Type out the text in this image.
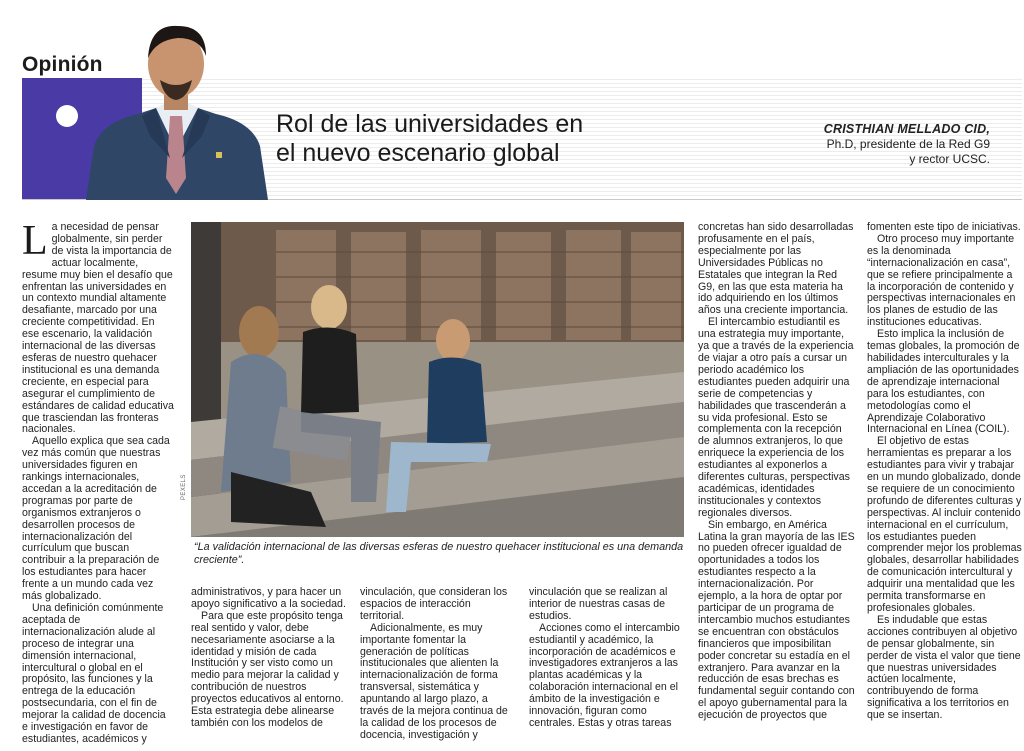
Opinión
Rol de las universidades en
el nuevo escenario global
CRISTHIAN MELLADO CID,
Ph.D, presidente de la Red G9
y rector UCSC.

La necesidad de pensar globalmente, sin perder de vista la importancia de actuar localmente, resume muy bien el desafío que enfrentan las universidades en un contexto mundial altamente desafiante, marcado por una creciente competitividad. En ese escenario, la validación internacional de las diversas esferas de nuestro quehacer institucional es una demanda creciente, en especial para asegurar el cumplimiento de estándares de calidad educativa que trasciendan las fronteras nacionales.

Aquello explica que sea cada vez más común que nuestras universidades figuren en rankings internacionales, accedan a la acreditación de programas por parte de organismos extranjeros o desarrollen procesos de internacionalización del currículum que buscan contribuir a la preparación de los estudiantes para hacer frente a un mundo cada vez más globalizado.

Una definición comúnmente aceptada de internacionalización alude al proceso de integrar una dimensión internacional, intercultural o global en el propósito, las funciones y la entrega de la educación postsecundaria, con el fin de mejorar la calidad de docencia e investigación en favor de estudiantes, académicos y

PEXELS
“La validación internacional de las diversas esferas de nuestro quehacer institucional es una demanda creciente”.

administrativos, y para hacer un apoyo significativo a la sociedad.

Para que este propósito tenga real sentido y valor, debe necesariamente asociarse a la identidad y misión de cada Institución y ser visto como un medio para mejorar la calidad y contribución de nuestros proyectos educativos al entorno. Esta estrategia debe alinearse también con los modelos de

vinculación, que consideran los espacios de interacción territorial.

Adicionalmente, es muy importante fomentar la generación de políticas institucionales que alienten la internacionalización de forma transversal, sistemática y apuntando al largo plazo, a través de la mejora continua de la calidad de los procesos de docencia, investigación y

vinculación que se realizan al interior de nuestras casas de estudios.

Acciones como el intercambio estudiantil y académico, la incorporación de académicos e investigadores extranjeros a las plantas académicas y la colaboración internacional en el ámbito de la investigación e innovación, figuran como centrales. Estas y otras tareas

concretas han sido desarrolladas profusamente en el país, especialmente por las Universidades Públicas no Estatales que integran la Red G9, en las que esta materia ha ido adquiriendo en los últimos años una creciente importancia.

El intercambio estudiantil es una estrategia muy importante, ya que a través de la experiencia de viajar a otro país a cursar un periodo académico los estudiantes pueden adquirir una serie de competencias y habilidades que trascenderán a su vida profesional. Esto se complementa con la recepción de alumnos extranjeros, lo que enriquece la experiencia de los estudiantes al exponerlos a diferentes culturas, perspectivas académicas, identidades institucionales y contextos regionales diversos.

Sin embargo, en América Latina la gran mayoría de las IES no pueden ofrecer igualdad de oportunidades a todos los estudiantes respecto a la internacionalización. Por ejemplo, a la hora de optar por participar de un programa de intercambio muchos estudiantes se encuentran con obstáculos financieros que imposibilitan poder concretar su estadía en el extranjero. Para avanzar en la reducción de esas brechas es fundamental seguir contando con el apoyo gubernamental para la ejecución de proyectos que

fomenten este tipo de iniciativas.

Otro proceso muy importante es la denominada “internacionalización en casa”, que se refiere principalmente a la incorporación de contenido y perspectivas internacionales en los planes de estudio de las instituciones educativas.

Esto implica la inclusión de temas globales, la promoción de habilidades interculturales y la ampliación de las oportunidades de aprendizaje internacional para los estudiantes, con metodologías como el Aprendizaje Colaborativo Internacional en Línea (COIL).

El objetivo de estas herramientas es preparar a los estudiantes para vivir y trabajar en un mundo globalizado, donde se requiere de un conocimiento profundo de diferentes culturas y perspectivas. Al incluir contenido internacional en el currículum, los estudiantes pueden comprender mejor los problemas globales, desarrollar habilidades de comunicación intercultural y adquirir una mentalidad que les permita transformarse en profesionales globales.

Es indudable que estas acciones contribuyen al objetivo de pensar globalmente, sin perder de vista el valor que tiene que nuestras universidades actúen localmente, contribuyendo de forma significativa a los territorios en que se insertan.
